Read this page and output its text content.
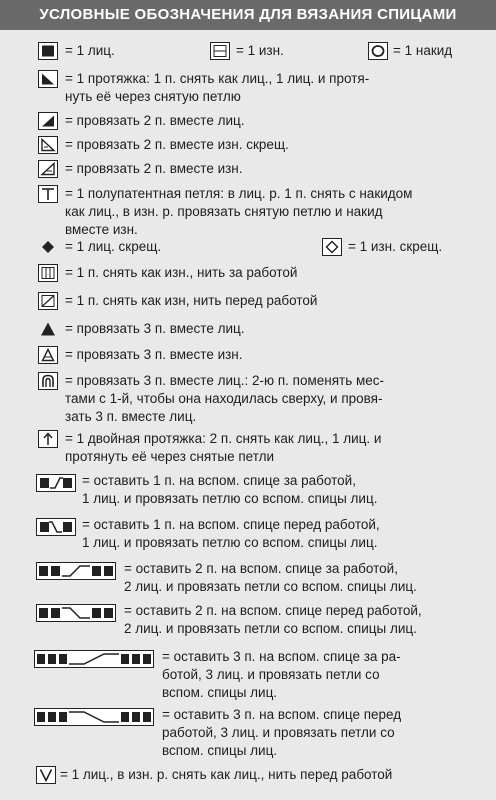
УСЛОВНЫЕ ОБОЗНАЧЕНИЯ ДЛЯ ВЯЗАНИЯ СПИЦАМИ
= 1 лиц.	= 1 изн.	= 1 накид
= 1 протяжка: 1 п. снять как лиц., 1 лиц. и протя-
нуть её через снятую петлю
= провязать 2 п. вместе лиц.
= провязать 2 п. вместе изн. скрещ.
= провязать 2 п. вместе изн.
= 1 полупатентная петля: в лиц. р. 1 п. снять с накидом
как лиц., в изн. р. провязать снятую петлю и накид
вместе изн.
= 1 лиц. скрещ.	= 1 изн. скрещ.
= 1 п. снять как изн., нить за работой
= 1 п. снять как изн, нить перед работой
= провязать 3 п. вместе лиц.
= провязать 3 п. вместе изн.
= провязать 3 п. вместе лиц.: 2-ю п. поменять мес-
тами с 1-й, чтобы она находилась сверху, и провя-
зать 3 п. вместе лиц.
= 1 двойная протяжка: 2 п. снять как лиц., 1 лиц. и
протянуть её через снятые петли
= оставить 1 п. на вспом. спице за работой,
1 лиц. и провязать петлю со вспом. спицы лиц.
= оставить 1 п. на вспом. спице перед работой,
1 лиц. и провязать петлю со вспом. спицы лиц.
= оставить 2 п. на вспом. спице за работой,
2 лиц. и провязать петли со вспом. спицы лиц.
= оставить 2 п. на вспом. спице перед работой,
2 лиц. и провязать петли со вспом. спицы лиц.
= оставить 3 п. на вспом. спице за ра-
ботой, 3 лиц. и провязать петли со
вспом. спицы лиц.
= оставить 3 п. на вспом. спице перед
работой, 3 лиц. и провязать петли со
вспом. спицы лиц.
= 1 лиц., в изн. р. снять как лиц., нить перед работой
